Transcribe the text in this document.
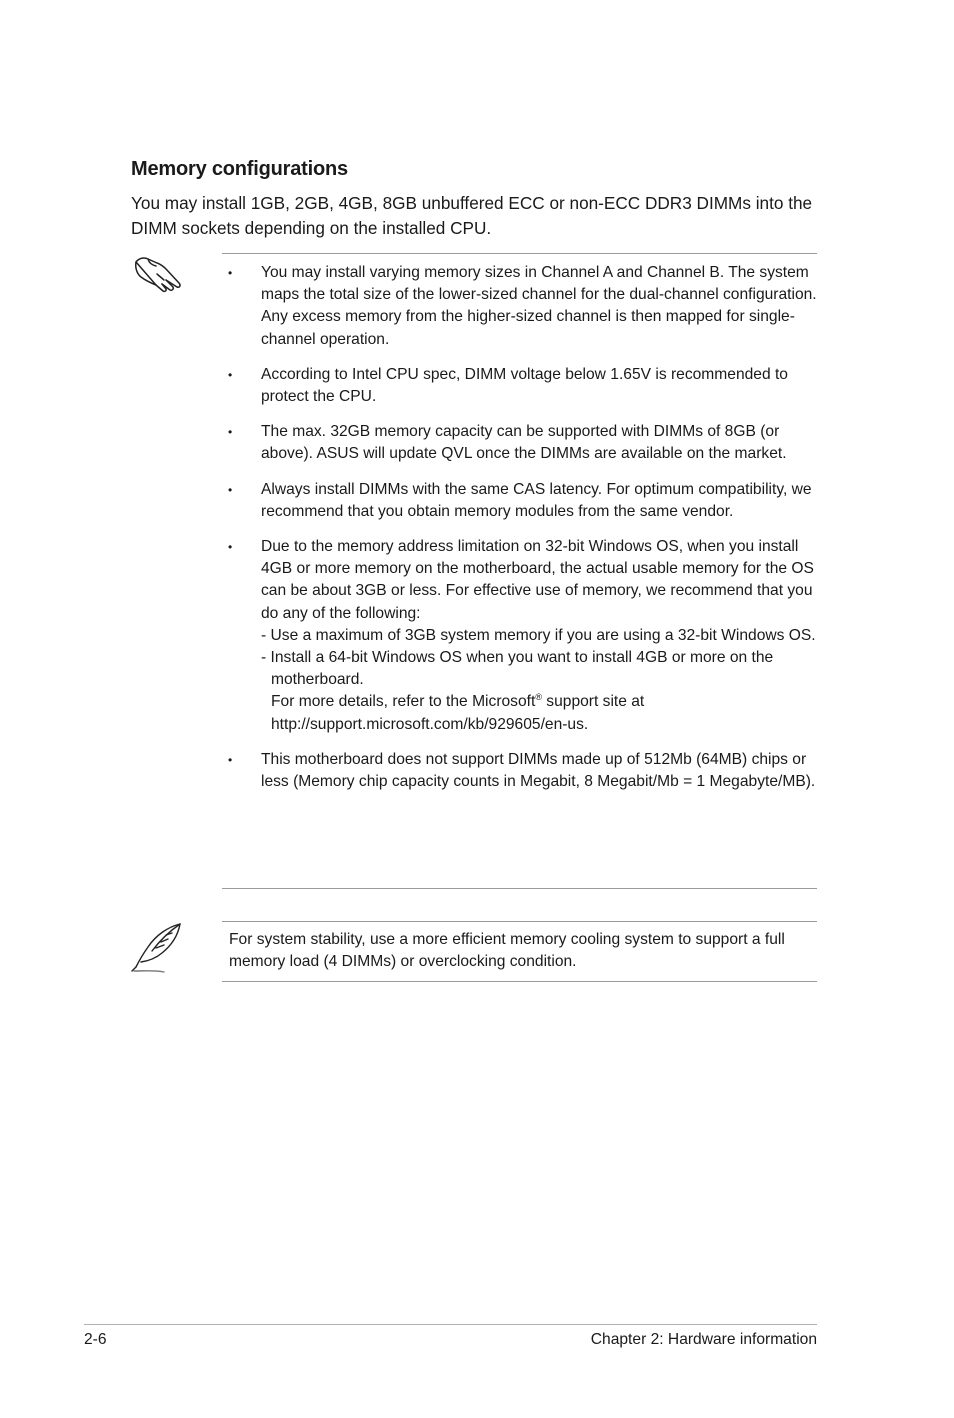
Memory configurations
You may install 1GB, 2GB, 4GB, 8GB unbuffered ECC or non-ECC DDR3 DIMMs into the DIMM sockets depending on the installed CPU.
• You may install varying memory sizes in Channel A and Channel B. The system maps the total size of the lower-sized channel for the dual-channel configuration. Any excess memory from the higher-sized channel is then mapped for single-channel operation.
• According to Intel CPU spec, DIMM voltage below 1.65V is recommended to protect the CPU.
• The max. 32GB memory capacity can be supported with DIMMs of 8GB (or above). ASUS will update QVL once the DIMMs are available on the market.
• Always install DIMMs with the same CAS latency. For optimum compatibility, we recommend that you obtain memory modules from the same vendor.
• Due to the memory address limitation on 32-bit Windows OS, when you install 4GB or more memory on the motherboard, the actual usable memory for the OS can be about 3GB or less. For effective use of memory, we recommend that you do any of the following:
- Use a maximum of 3GB system memory if you are using a 32-bit Windows OS.
- Install a 64-bit Windows OS when you want to install 4GB or more on the
motherboard.
For more details, refer to the Microsoft® support site at
http://support.microsoft.com/kb/929605/en-us.
• This motherboard does not support DIMMs made up of 512Mb (64MB) chips or less (Memory chip capacity counts in Megabit, 8 Megabit/Mb = 1 Megabyte/MB).
For system stability, use a more efficient memory cooling system to support a full memory load (4 DIMMs) or overclocking condition.
2-6	Chapter 2: Hardware information
